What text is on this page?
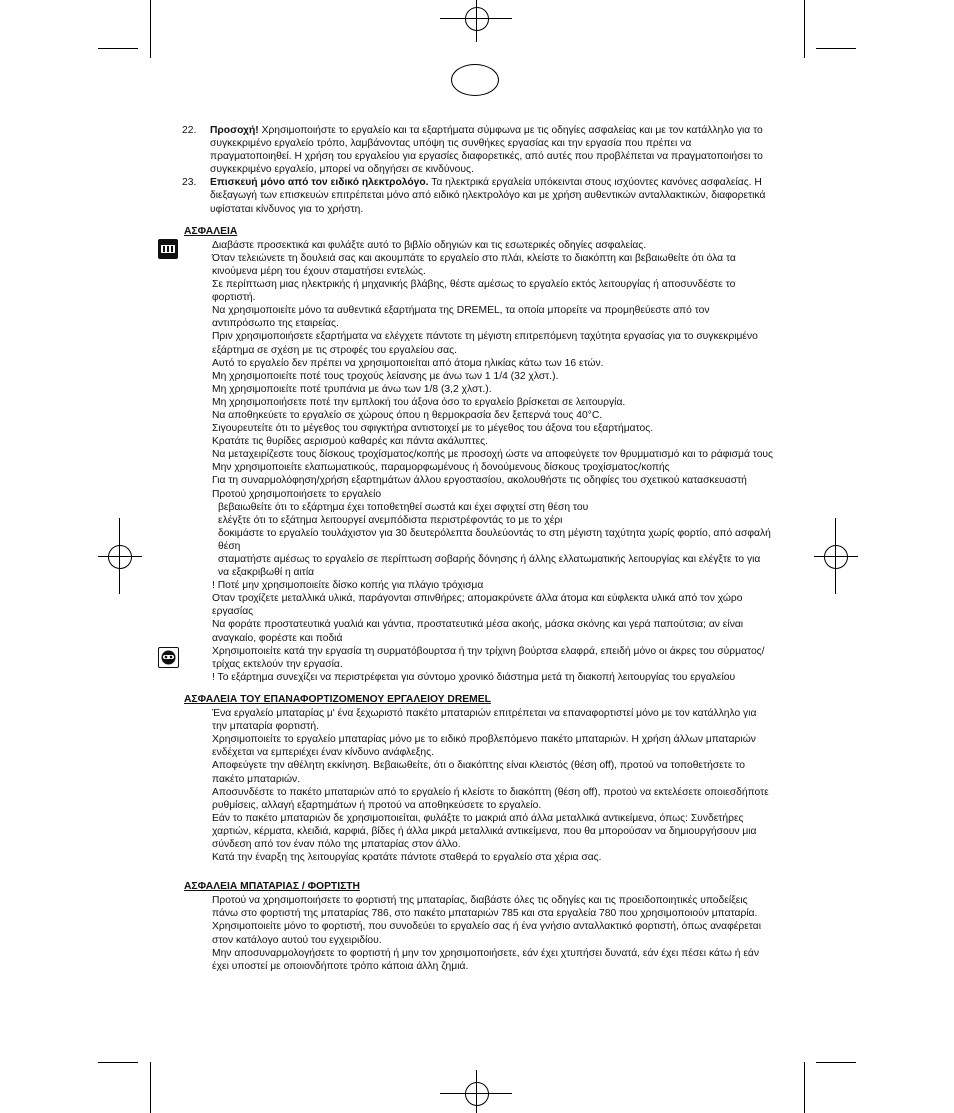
22.	Προσοχή! Χρησιμοποιήστε το εργαλείο και τα εξαρτήματα σύμφωνα με τις οδηγίες ασφαλείας και με τον κατάλληλο για το συγκεκριμένο εργαλείο τρόπο, λαμβάνοντας υπόψη τις συνθήκες εργασίας και την εργασία που πρέπει να πραγματοποιηθεί. Η χρήση του εργαλείου για εργασίες διαφορετικές, από αυτές που προβλέπεται να πραγματοποιήσει το συγκεκριμένο εργαλείο, μπορεί να οδηγήσει σε κινδύνους.
23.	Επισκευή μόνο από τον ειδικό ηλεκτρολόγο. Τα ηλεκτρικά εργαλεία υπόκεινται στους ισχύοντες κανόνες ασφαλείας. Η διεξαγωγή των επισκευών επιτρέπεται μόνο από ειδικό ηλεκτρολόγο και με χρήση αυθεντικών ανταλλακτικών, διαφορετικά υφίσταται κίνδυνος για το χρήστη.
ΑΣΦΑΛΕΙΑ

Διαβάστε προσεκτικά και φυλάξτε αυτό το βιβλίο οδηγιών και τις εσωτερικές οδηγίες ασφαλείας.

Όταν τελειώνετε τη δουλειά σας και ακουμπάτε το εργαλείο στο πλάι, κλείστε το διακόπτη και βεβαιωθείτε ότι όλα τα κινούμενα μέρη του έχουν σταματήσει εντελώς.

Σε περίπτωση μιας ηλεκτρικής ή μηχανικής βλάβης, θέστε αμέσως το εργαλείο εκτός λειτουργίας ή αποσυνδέστε το φορτιστή.

Να χρησιμοποιείτε μόνο τα αυθεντικά εξαρτήματα της DREMEL, τα οποία μπορείτε να προμηθεύεστε από τον αντιπρόσωπο της εταιρείας.

Πριν χρησιμοποιήσετε εξαρτήματα να ελέγχετε πάντοτε τη μέγιστη επιτρεπόμενη ταχύτητα εργασίας για το συγκεκριμένο εξάρτημα σε σχέση με τις στροφές του εργαλείου σας.

Αυτό το εργαλείο δεν πρέπει να χρησιμοποιείται από άτομα ηλικίας κάτω των 16 ετών.

Μη χρησιμοποιείτε ποτέ τους τροχούς λείανσης με άνω των 1 1/4 (32 χλστ.).

Μη χρησιμοποιείτε ποτέ τρυπάνια με άνω των 1/8 (3,2 χλστ.).

Μη χρησιμοποιήσετε ποτέ την εμπλοκή του άξονα όσο το εργαλείο βρίσκεται σε λειτουργία.

Να αποθηκεύετε το εργαλείο σε χώρους όπου η θερμοκρασία δεν ξεπερνά τους 40°C.

Σιγουρευτείτε ότι το μέγεθος του σφιγκτήρα αντιστοιχεί με το μέγεθος του άξονα του εξαρτήματος.

Κρατάτε τις θυρίδες αερισμού καθαρές και πάντα ακάλυπτες.

Να μεταχειρίζεστε τους δίσκους τροχίσματος/κοπής με προσοχή ώστε να αποφεύγετε τον θρυμματισμό και το ράφισμά τους

Μην χρησιμοποιείτε ελαπωματικούς, παραμορφωμένους ή δονούμενους δίσκους τροχίσματος/κοπής

Για τη συναρμολόφηση/χρήση εξαρτημάτων άλλου εργοστασίου, ακολουθήστε τις οδηφίες του σχετικού κατασκευαστή

Προτού χρησιμοποιήσετε το εργαλείο

βεβαιωθείτε ότι το εξάρτημα έχει τοποθετηθεί σωστά και έχει σφιχτεί στη θέση του

ελέγξτε ότι το εξάτημα λειτουργεί ανεμπόδιστα περιστρέφοντάς το με το χέρι

δοκιμάστε το εργαλείο τουλάχιστον για 30 δευτερόλεπτα δουλεύοντάς το στη μέγιστη ταχύτητα χωρίς φορτίο, από ασφαλή θέση

σταματήστε αμέσως το εργαλείο σε περίπτωση σοβαρής δόνησης ή άλλης ελλατωματικής λειτουργίας και ελέγξτε το για να εξακριβωθί η αιτία

! Ποτέ μην χρησιμοποιείτε δίσκο κοπής για πλάγιο τρόχισμα

Οταν τροχίζετε μεταλλικά υλικά, παράγονται σπινθήρες; απομακρύνετε άλλα άτομα και εύφλεκτα υλικά από τον χώρο εργασίας

Να φοράτε προστατευτικά γυαλιά και γάντια, προστατευτικά μέσα ακοής, μάσκα σκόνης και γερά παπούτσια; αν είναι αναγκαίο, φορέστε και ποδιά

Χρησιμοποιείτε κατά την εργασία τη συρματόβουρτσα ή την τρίχινη βούρτσα ελαφρά, επειδή μόνο οι άκρες του σύρματος/τρίχας εκτελούν την εργασία.

! Το εξάρτημα συνεχίζει να περιστρέφεται για σύντομο χρονικό διάστημα μετά τη διακοπή λειτουργίας του εργαλείου

ΑΣΦΑΛΕΙΑ ΤΟΥ ΕΠΑΝΑΦΟΡΤΙΖΟΜΕΝΟΥ ΕΡΓΑΛΕΙΟΥ DREMEL

Ένα εργαλείο μπαταρίας μ' ένα ξεχωριστό πακέτο μπαταριών επιτρέπεται να επαναφορτιστεί μόνο με τον κατάλληλο για την μπαταρία φορτιστή.

Χρησιμοποιείτε το εργαλείο μπαταρίας μόνο με το ειδικό προβλεπόμενο πακέτο μπαταριών. Η χρήση άλλων μπαταριών ενδέχεται να εμπεριέχει έναν κίνδυνο ανάφλεξης.

Αποφεύγετε την αθέλητη εκκίνηση. Βεβαιωθείτε, ότι ο διακόπτης είναι κλειστός (θέση off), προτού να τοποθετήσετε το πακέτο μπαταριών.

Αποσυνδέστε το πακέτο μπαταριών από το εργαλείο ή κλείστε το διακόπτη (θέση off), προτού να εκτελέσετε οποιεσδήποτε ρυθμίσεις, αλλαγή εξαρτημάτων ή προτού να αποθηκεύσετε το εργαλείο.

Εάν το πακέτο μπαταριών δε χρησιμοποιείται, φυλάξτε το μακριά από άλλα μεταλλικά αντικείμενα, όπως: Συνδετήρες χαρτιών, κέρματα, κλειδιά, καρφιά, βίδες ή άλλα μικρά μεταλλικά αντικείμενα, που θα μπορούσαν να δημιουργήσουν μια σύνδεση από τον έναν πόλο της μπαταρίας στον άλλο.

Κατά την έναρξη της λειτουργίας κρατάτε πάντοτε σταθερά το εργαλείο στα χέρια σας.

ΑΣΦΑΛΕΙΑ ΜΠΑΤΑΡΙΑΣ / ΦΟΡΤΙΣΤΗ

Προτού να χρησιμοποιήσετε το φορτιστή της μπαταρίας, διαβάστε όλες τις οδηγίες και τις προειδοποιητικές υποδείξεις πάνω στο φορτιστή της μπαταρίας 786, στο πακέτο μπαταριών 785 και στα εργαλεία 780 που χρησιμοποιούν μπαταρία.

Χρησιμοποιείτε μόνο το φορτιστή, που συνοδεύει το εργαλείο σας ή ένα γνήσιο ανταλλακτικό φορτιστή, όπως αναφέρεται στον κατάλογο αυτού του εγχειριδίου.

Μην αποσυναρμολογήσετε το φορτιστή ή μην τον χρησιμοποιήσετε, εάν έχει χτυπήσει δυνατά, εάν έχει πέσει κάτω ή εάν έχει υποστεί με οποιονδήποτε τρόπο κάποια άλλη ζημιά.
